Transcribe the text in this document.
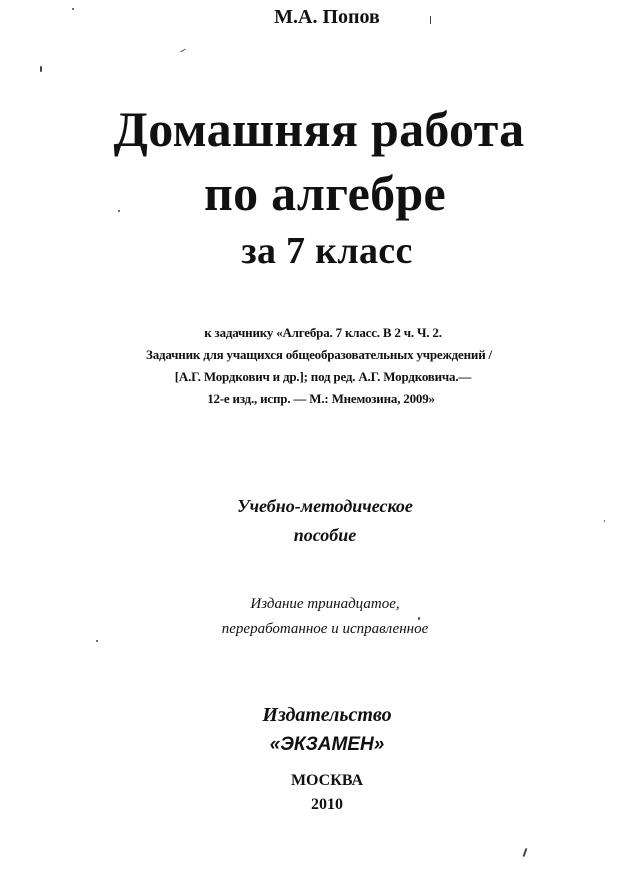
М.А. Попов
Домашняя работа
по алгебре
за 7 класс
к задачнику «Алгебра. 7 класс. В 2 ч. Ч. 2.
Задачник для учащихся общеобразовательных учреждений /
[А.Г. Мордкович и др.]; под ред. А.Г. Мордковича.—
12-е изд., испр. — М.: Мнемозина, 2009»
Учебно-методическое
пособие
Издание тринадцатое,
переработанное и исправленное
Издательство
«ЭКЗАМЕН»
МОСКВА
2010
